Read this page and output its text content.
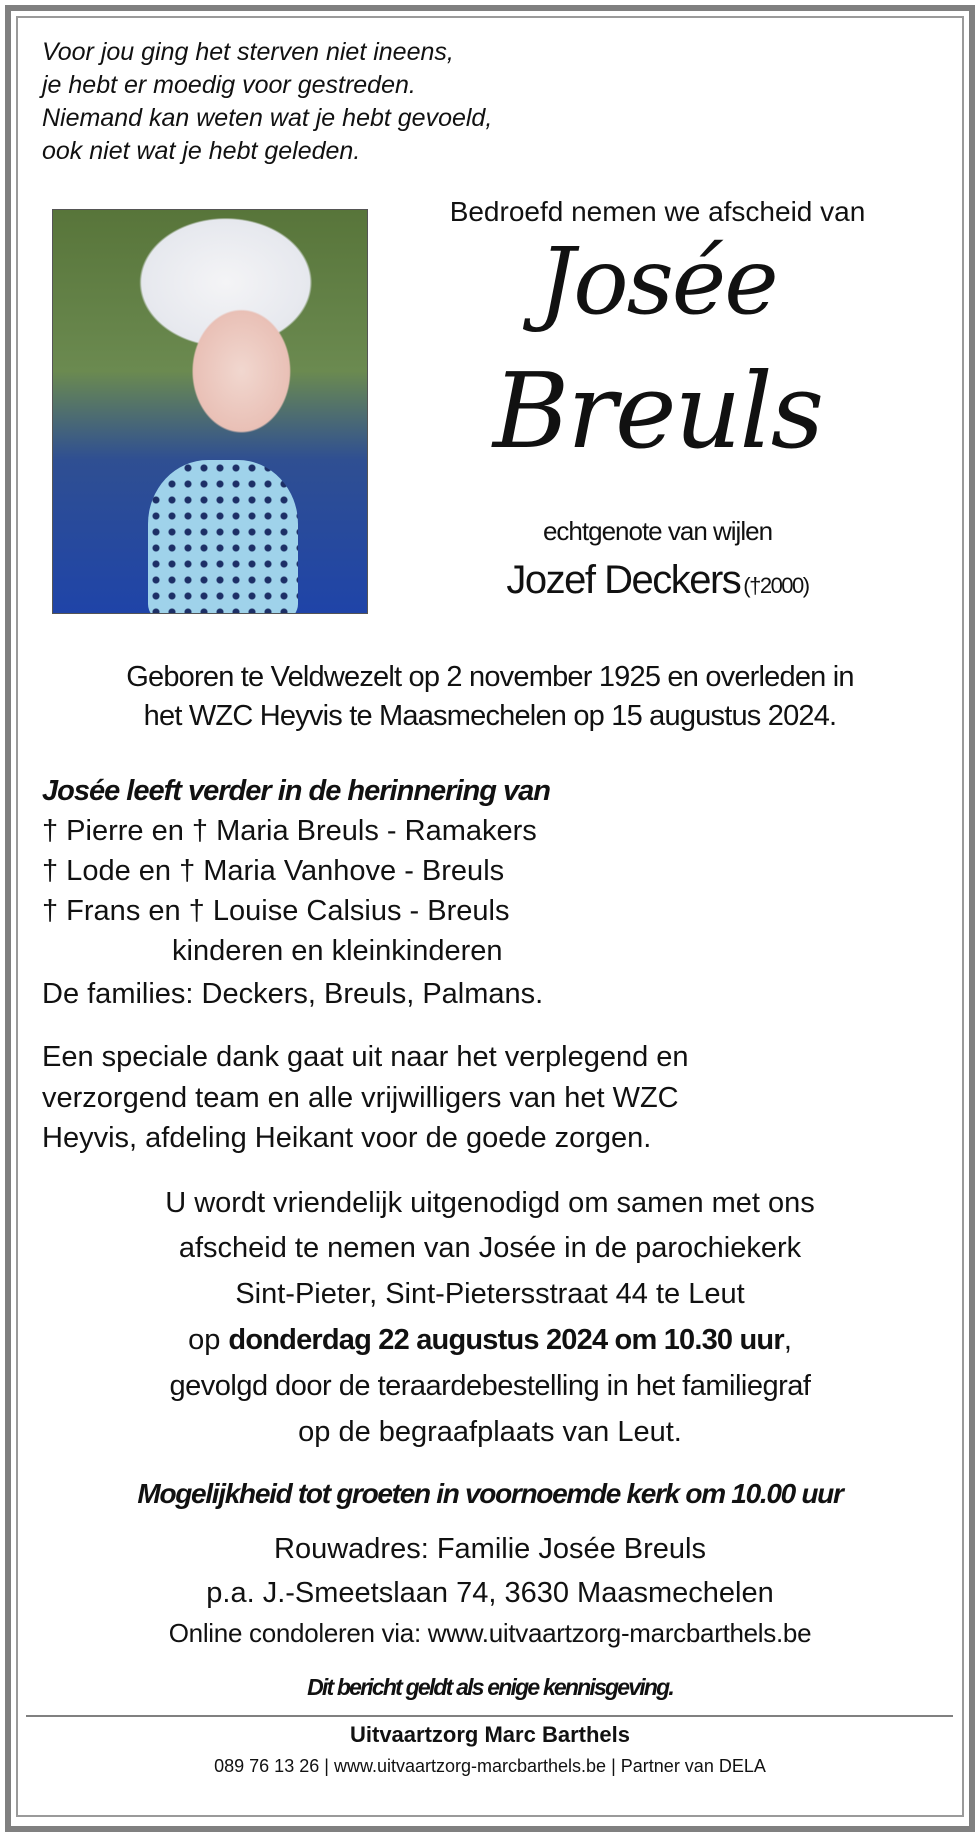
Voor jou ging het sterven niet ineens,
je hebt er moedig voor gestreden.
Niemand kan weten wat je hebt gevoeld,
ook niet wat je hebt geleden.
Bedroefd nemen we afscheid van
Josée
Breuls
echtgenote van wijlen
Jozef Deckers (†2000)
Geboren te Veldwezelt op 2 november 1925 en overleden in
het WZC Heyvis te Maasmechelen op 15 augustus 2024.
Josée leeft verder in de herinnering van
† Pierre en † Maria Breuls - Ramakers
† Lode en † Maria Vanhove - Breuls
† Frans en † Louise Calsius - Breuls
kinderen en kleinkinderen
De families: Deckers, Breuls, Palmans.
Een speciale dank gaat uit naar het verplegend en
verzorgend team en alle vrijwilligers van het WZC
Heyvis, afdeling Heikant voor de goede zorgen.
U wordt vriendelijk uitgenodigd om samen met ons
afscheid te nemen van Josée in de parochiekerk
Sint-Pieter, Sint-Pietersstraat 44 te Leut
op donderdag 22 augustus 2024 om 10.30 uur,
gevolgd door de teraardebestelling in het familiegraf
op de begraafplaats van Leut.
Mogelijkheid tot groeten in voornoemde kerk om 10.00 uur
Rouwadres: Familie Josée Breuls
p.a. J.-Smeetslaan 74, 3630 Maasmechelen
Online condoleren via: www.uitvaartzorg-marcbarthels.be
Dit bericht geldt als enige kennisgeving.
Uitvaartzorg Marc Barthels
089 76 13 26 | www.uitvaartzorg-marcbarthels.be | Partner van DELA
